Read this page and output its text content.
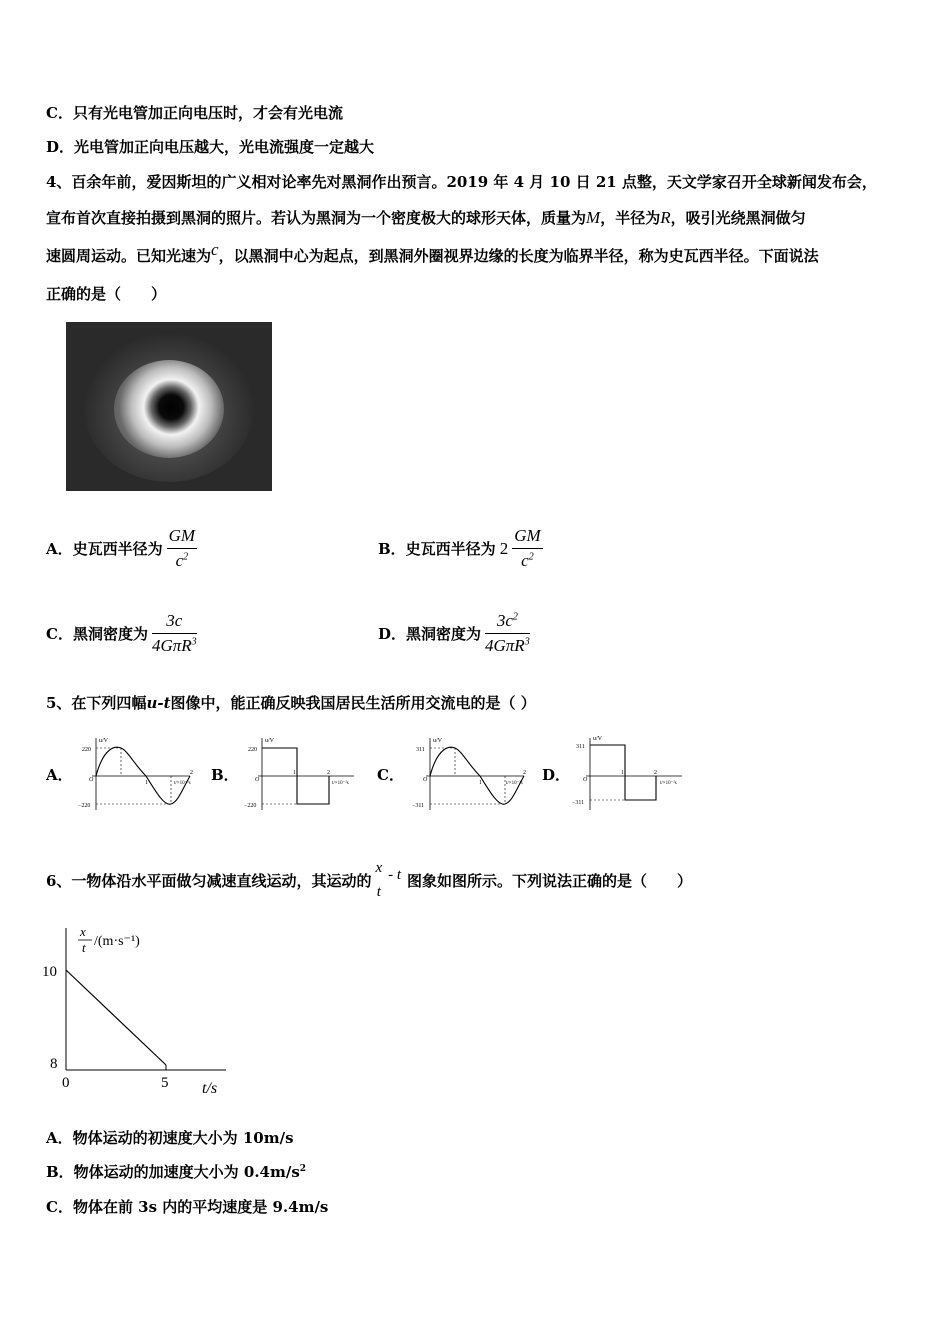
C．只有光电管加正向电压时，才会有光电流
D．光电管加正向电压越大，光电流强度一定越大
4、百余年前，爱因斯坦的广义相对论率先对黑洞作出预言。2019 年 4 月 10 日 21 点整，天文学家召开全球新闻发布会，
宣布首次直接拍摄到黑洞的照片。若认为黑洞为一个密度极大的球形天体，质量为M，半径为R，吸引光绕黑洞做匀
速圆周运动。已知光速为c，以黑洞中心为起点，到黑洞外圈视界边缘的长度为临界半径，称为史瓦西半径。下面说法
正确的是（　　）
A．史瓦西半径为 $\frac{GM}{c^2}$	B．史瓦西半径为 $2 \frac{GM}{c^2}$
C．黑洞密度为 $\frac{3c}{4G\pi R^3}$	D．黑洞密度为 $\frac{3c^2}{4G\pi R^3}$
5、在下列四幅u-t图像中，能正确反映我国居民生活所用交流电的是（ ）
A．	B．	C．	D．
u/V
220
−220
O	1
2
t/×10⁻²s
u/V
220
−220
O
1	2
t/×10⁻²s
u/V
311
−311
O	1
2
t/×10⁻²s
u/V
311
−311
O
1	2
t/×10⁻²s
6、一物体沿水平面做匀减速直线运动，其运动的
x
t
- t 图象如图所示。下列说法正确的是（　　）
x
t /(m·s⁻¹)
10
8
0	5 t/s
A．物体运动的初速度大小为 10m/s
B．物体运动的加速度大小为 $0.4m/s^2$
C．物体在前 3s 内的平均速度是 9.4m/s
